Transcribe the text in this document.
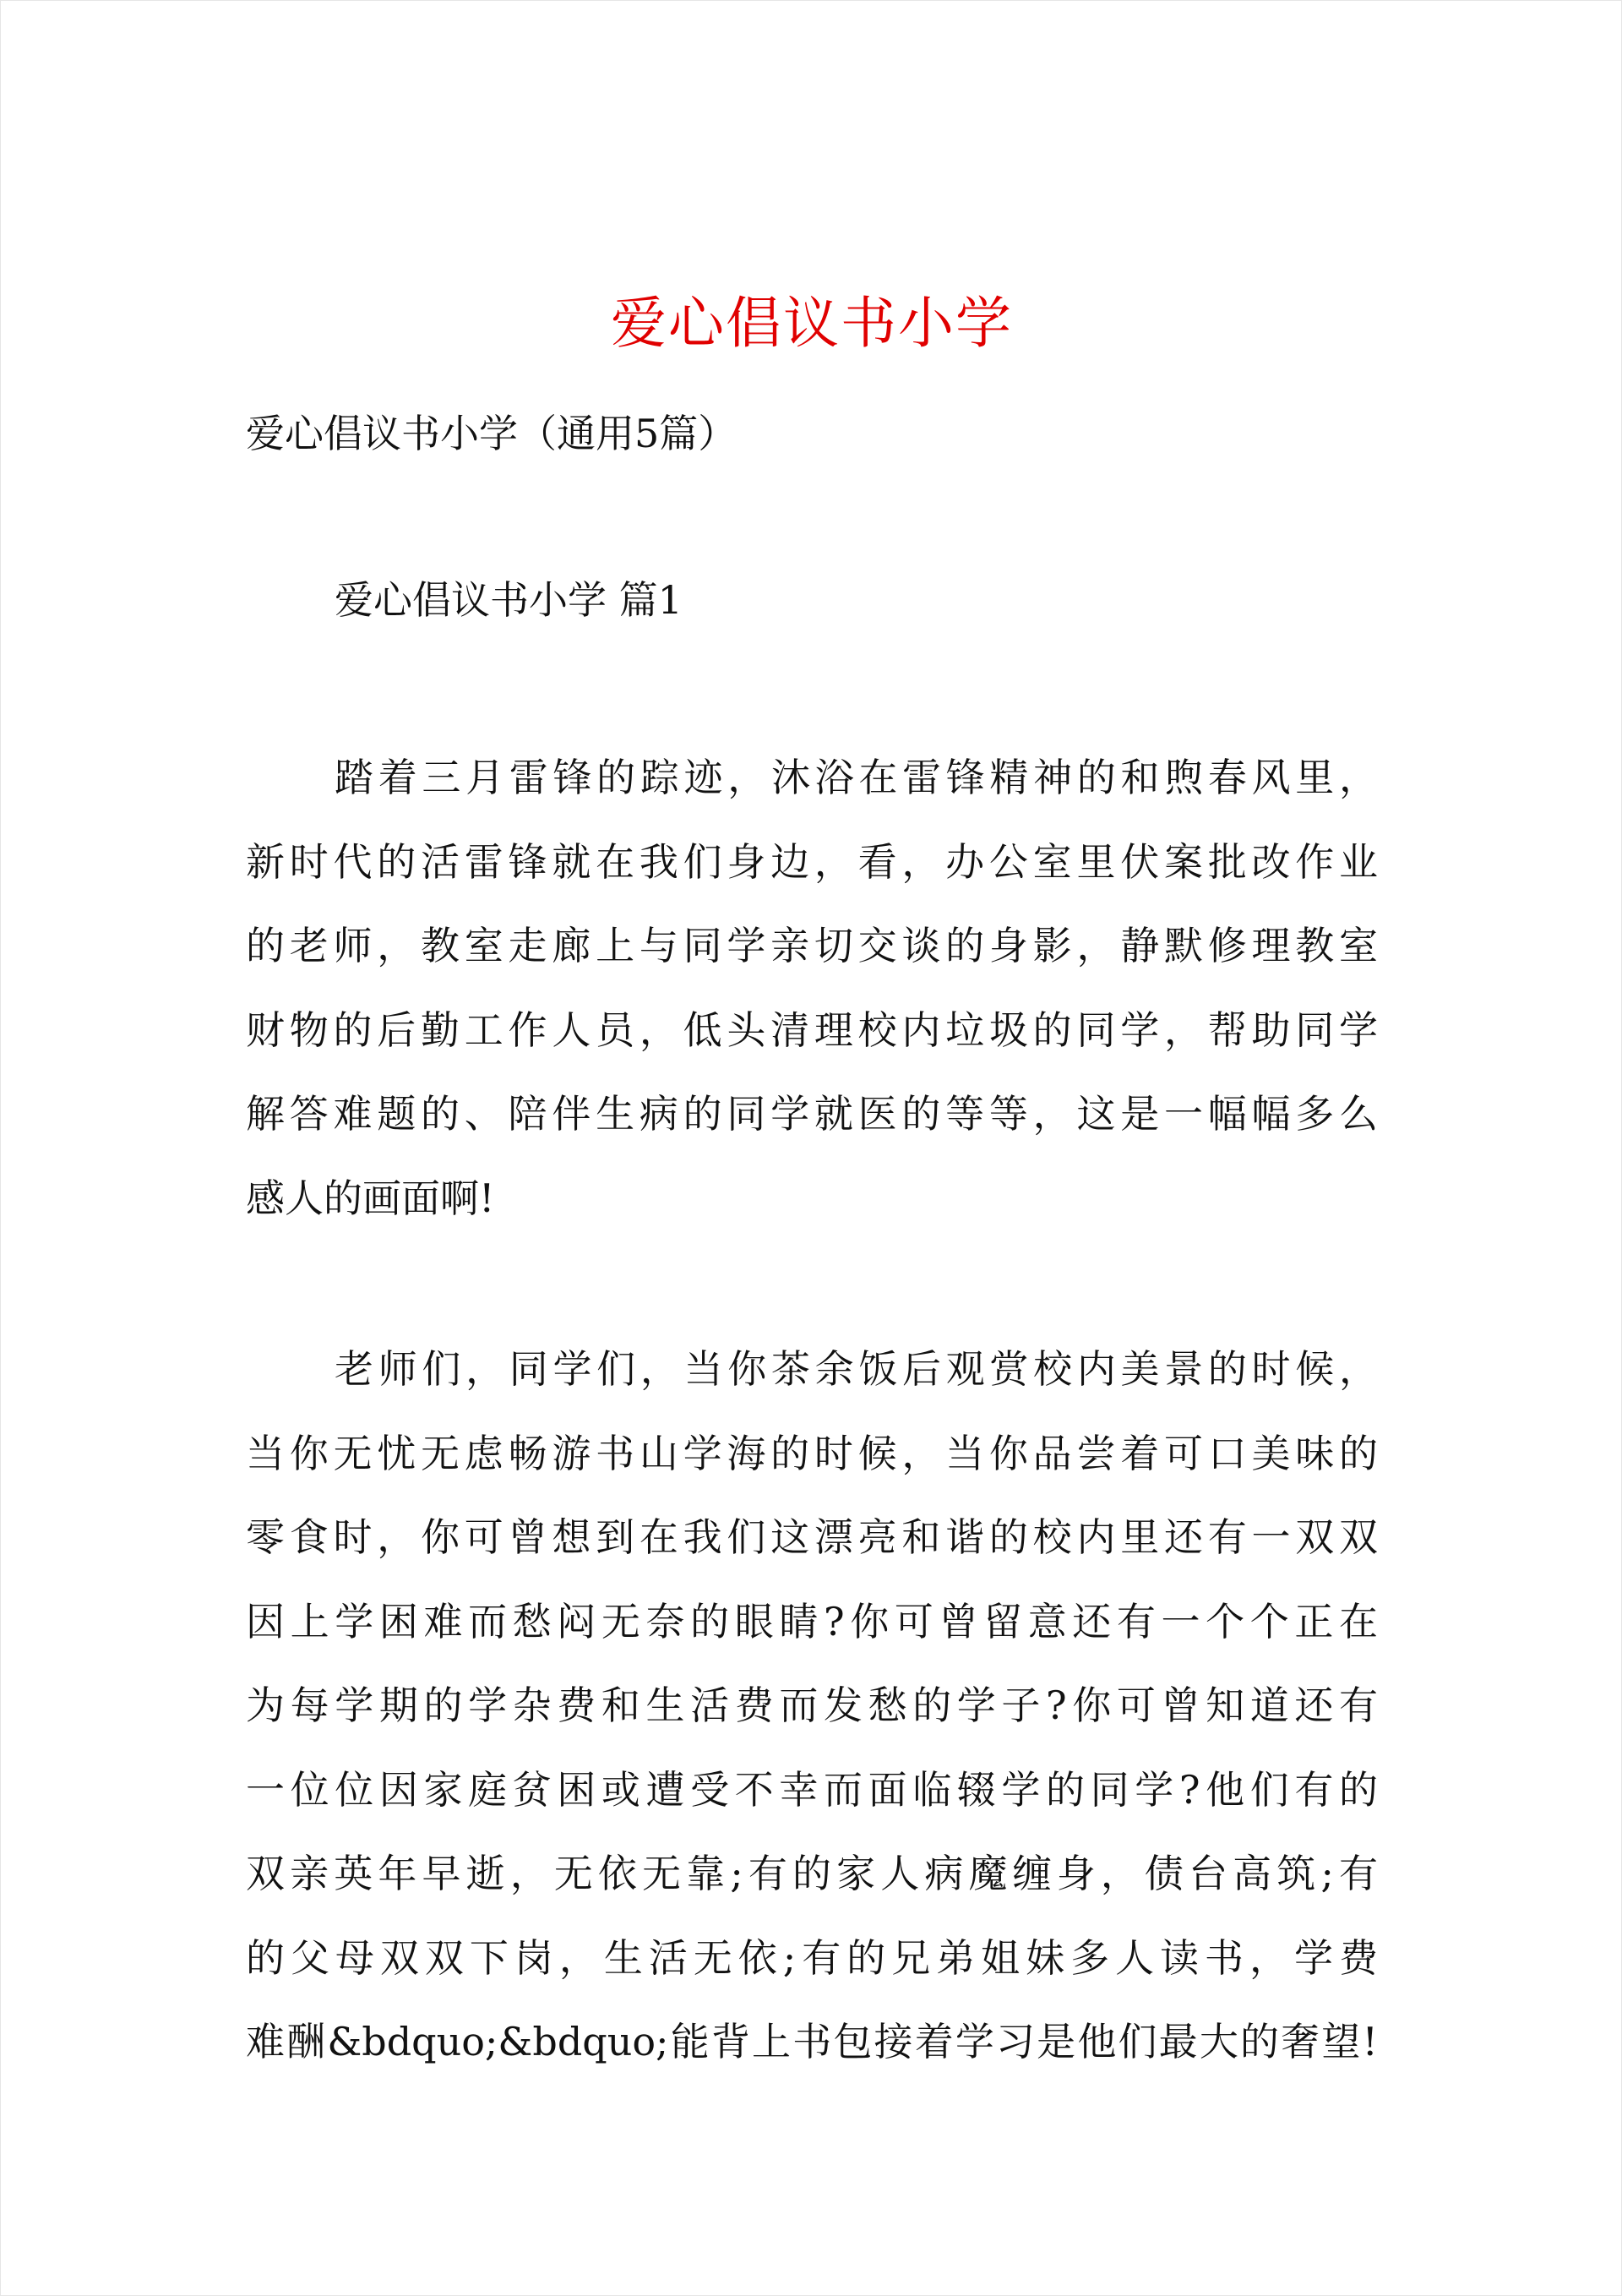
爱心倡议书小学
爱心倡议书小学（通用5篇）
爱心倡议书小学 篇1
踏着三月雷锋的踪迹，沐浴在雷锋精神的和煦春风里，
新时代的活雷锋就在我们身边，看，办公室里伏案批改作业
的老师，教室走廊上与同学亲切交谈的身影，静默修理教室
财物的后勤工作人员，低头清理校内垃圾的同学，帮助同学
解答难题的、陪伴生病的同学就医的等等，这是一幅幅多么
感人的画面啊!
老师们，同学们，当你茶余饭后观赏校内美景的时候，
当你无忧无虑畅游书山学海的时候，当你品尝着可口美味的
零食时，你可曾想到在我们这漂亮和谐的校内里还有一双双
因上学困难而愁闷无奈的眼睛?你可曾留意还有一个个正在
为每学期的学杂费和生活费而发愁的学子?你可曾知道还有
一位位因家庭贫困或遭受不幸而面临辍学的同学?他们有的
双亲英年早逝，无依无靠;有的家人病魔缠身，债台高筑;有
的父母双双下岗，生活无依;有的兄弟姐妹多人读书，学费
难酬&bdquo;&bdquo;能背上书包接着学习是他们最大的奢望!
